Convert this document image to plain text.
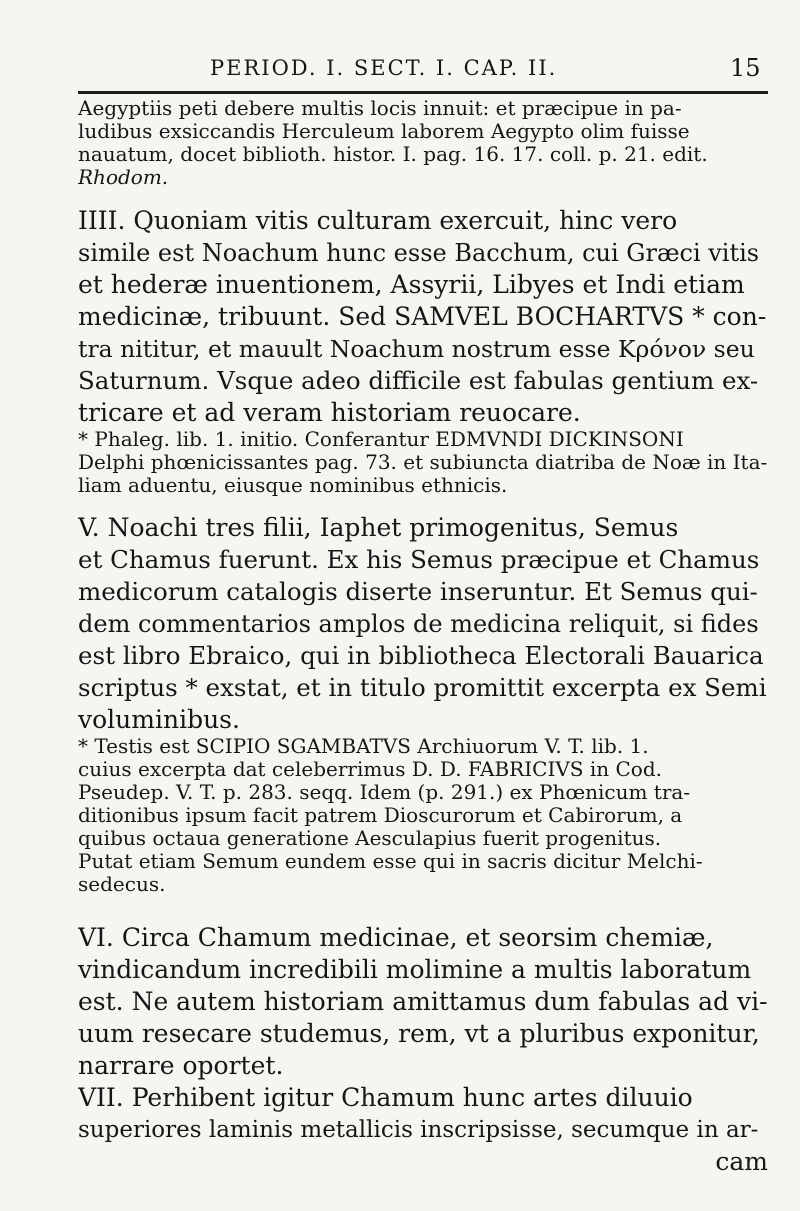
PERIOD. I. SECT. I. CAP. II.	15
Aegyptiis peti debere multis locis innuit: et præcipue in pa-
ludibus exsiccandis Herculeum laborem Aegypto olim fuisse
nauatum, docet biblioth. histor. I. pag. 16. 17. coll. p. 21. edit.
Rhodom.
IIII. Quoniam vitis culturam exercuit, hinc vero
simile est Noachum hunc esse Bacchum, cui Græci vitis
et hederæ inuentionem, Assyrii, Libyes et Indi etiam
medicinæ, tribuunt. Sed SAMVEL BOCHARTVS * con-
tra nititur, et mauult Noachum nostrum esse Κρόνον seu
Saturnum. Vsque adeo difficile est fabulas gentium ex-
tricare et ad veram historiam reuocare.
* Phaleg. lib. 1. initio. Conferantur EDMVNDI DICKINSONI
Delphi phœnicissantes pag. 73. et subiuncta diatriba de Noæ in Ita-
liam aduentu, eiusque nominibus ethnicis.
V. Noachi tres filii, Iaphet primogenitus, Semus
et Chamus fuerunt. Ex his Semus præcipue et Chamus
medicorum catalogis diserte inseruntur. Et Semus qui-
dem commentarios amplos de medicina reliquit, si fides
est libro Ebraico, qui in bibliotheca Electorali Bauarica
scriptus * exstat, et in titulo promittit excerpta ex Semi
voluminibus.
* Testis est SCIPIO SGAMBATVS Archiuorum V. T. lib. 1.
cuius excerpta dat celeberrimus D. D. FABRICIVS in Cod.
Pseudep. V. T. p. 283. seqq. Idem (p. 291.) ex Phœnicum tra-
ditionibus ipsum facit patrem Dioscurorum et Cabirorum, a
quibus octaua generatione Aesculapius fuerit progenitus.
Putat etiam Semum eundem esse qui in sacris dicitur Melchi-
sedecus.
VI. Circa Chamum medicinae, et seorsim chemiæ,
vindicandum incredibili molimine a multis laboratum
est. Ne autem historiam amittamus dum fabulas ad vi-
uum resecare studemus, rem, vt a pluribus exponitur,
narrare oportet.
VII. Perhibent igitur Chamum hunc artes diluuio
superiores laminis metallicis inscripsisse, secumque in ar-
cam
